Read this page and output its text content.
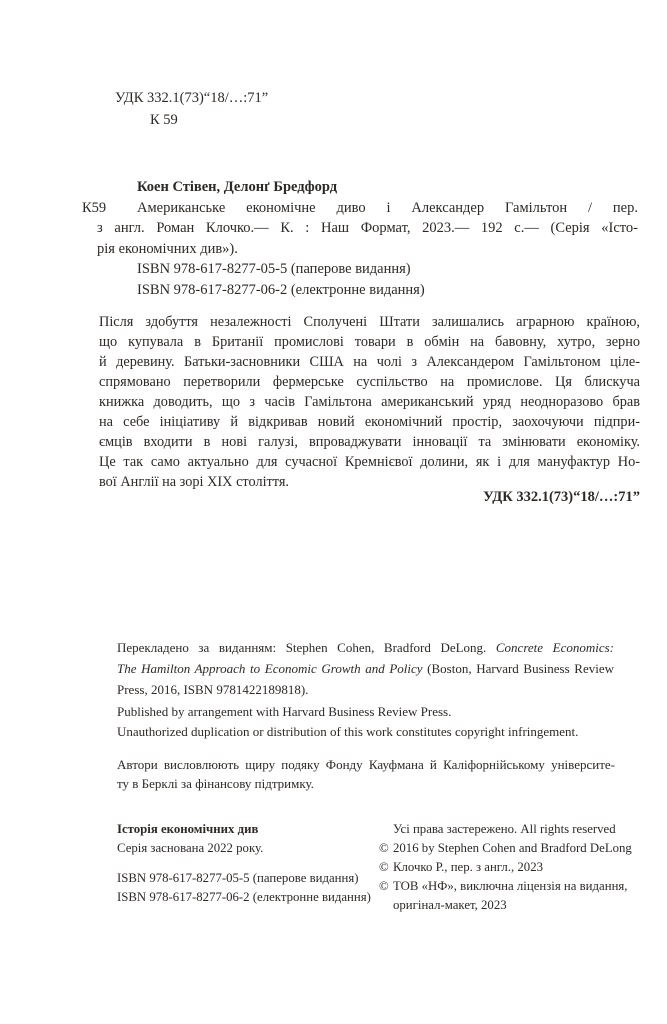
УДК 332.1(73)“18/…:71”
К 59
Коен Стівен, Делонґ Бредфорд
К59 Американське економічне диво і Александер Гамільтон / пер.
з англ. Роман Клочко.— К. : Наш Формат, 2023.— 192 с.— (Серія «Істо-
рія економічних див»).
ISBN 978-617-8277-05-5 (паперове видання)
ISBN 978-617-8277-06-2 (електронне видання)
Після здобуття незалежності Сполучені Штати залишались аграрною країною,
що купувала в Британії промислові товари в обмін на бавовну, хутро, зерно
й деревину. Батьки-засновники США на чолі з Александером Гамільтоном ціле-
спрямовано перетворили фермерське суспільство на промислове. Ця блискуча
книжка доводить, що з часів Гамільтона американський уряд неодноразово брав
на себе ініціативу й відкривав новий економічний простір, заохочуючи підпри-
ємців входити в нові галузі, впроваджувати інновації та змінювати економіку.
Це так само актуально для сучасної Кремнієвої долини, як і для мануфактур Но-
вої Англії на зорі XIX століття.
УДК 332.1(73)“18/…:71”
Перекладено за виданням: Stephen Cohen, Bradford DeLong. Concrete Economics:
The Hamilton Approach to Economic Growth and Policy (Boston, Harvard Business Review
Press, 2016, ISBN 9781422189818).
Published by arrangement with Harvard Business Review Press.
Unauthorized duplication or distribution of this work constitutes copyright infringement.
Автори висловлюють щиру подяку Фонду Кауфмана й Каліфорнійському університе-
ту в Берклі за фінансову підтримку.
Історія економічних див
Серія заснована 2022 року.
ISBN 978-617-8277-05-5 (паперове видання)
ISBN 978-617-8277-06-2 (електронне видання)
Усі права застережено. All rights reserved
© 2016 by Stephen Cohen and Bradford DeLong
© Клочко Р., пер. з англ., 2023
© ТОВ «НФ», виключна ліцензія на видання,
оригінал-макет, 2023
